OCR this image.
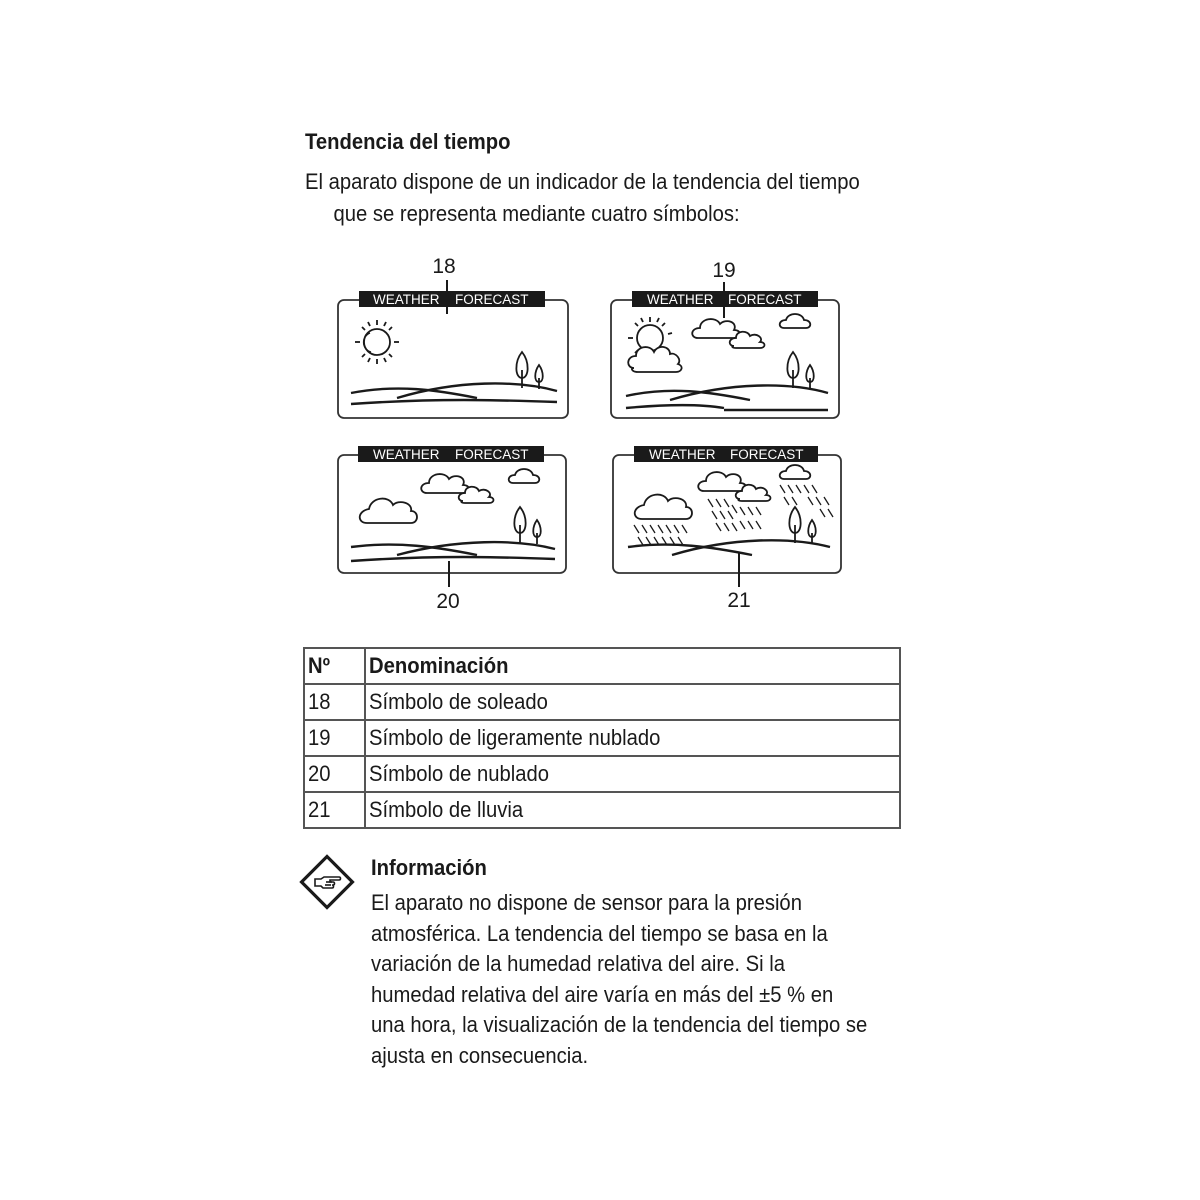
Tendencia del tiempo
El aparato dispone de un indicador de la tendencia del tiempo
que se representa mediante cuatro símbolos:
18
WEATHER FORECAST
19
WEATHER FORECAST
WEATHER FORECAST
20
WEATHER FORECAST
21
Nº	Denominación
18	Símbolo de soleado
19	Símbolo de ligeramente nublado
20	Símbolo de nublado
21	Símbolo de lluvia
Información
El aparato no dispone de sensor para la presión
atmosférica. La tendencia del tiempo se basa en la
variación de la humedad relativa del aire. Si la
humedad relativa del aire varía en más del ±5 % en
una hora, la visualización de la tendencia del tiempo se
ajusta en consecuencia.
